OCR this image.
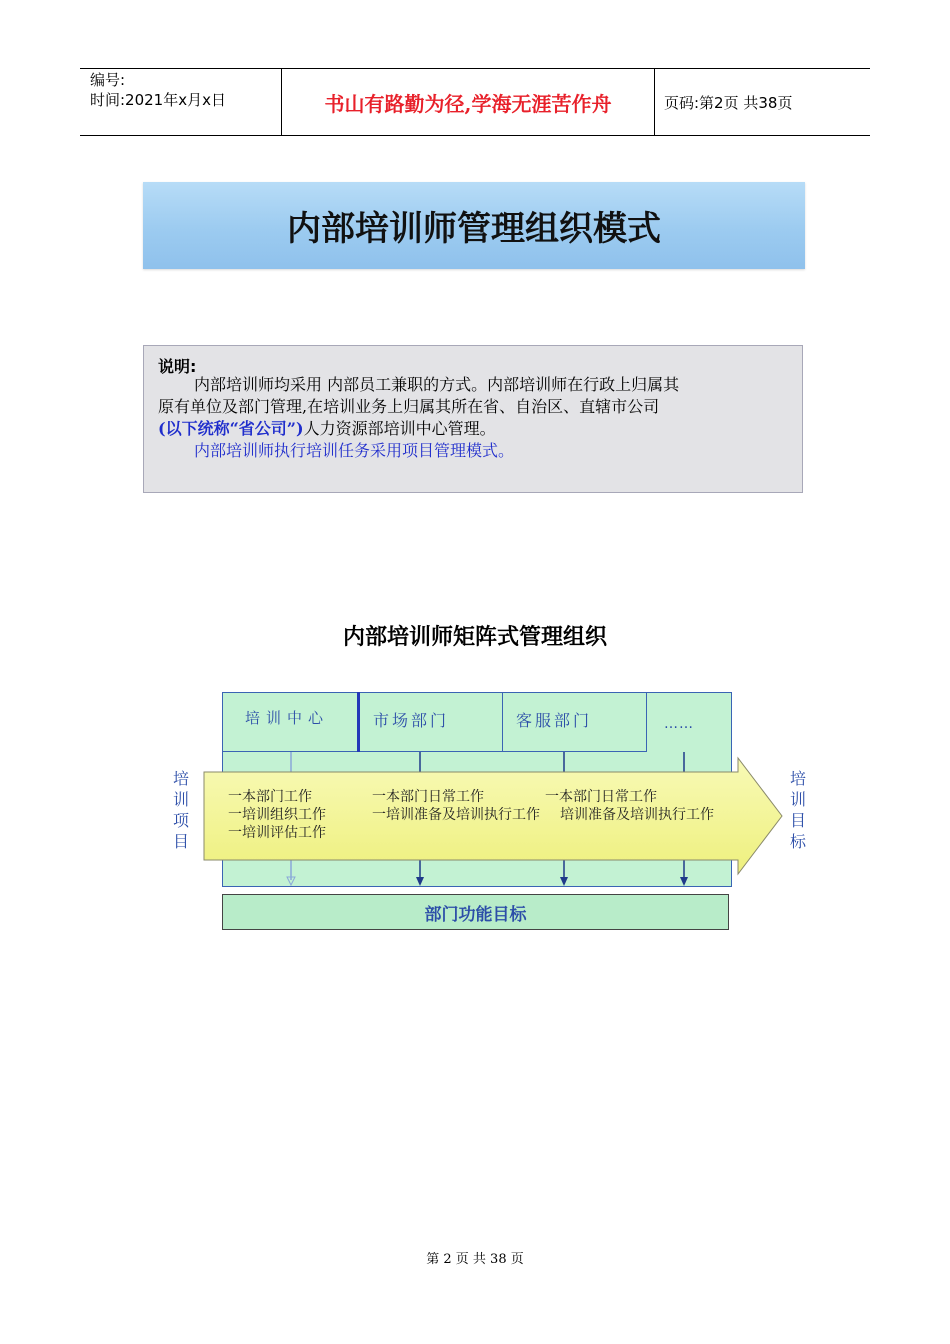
编号:
时间:2021年x月x日	书山有路勤为径,学海无涯苦作舟	页码:第2页 共38页
内部培训师管理组织模式
说明:
内部培训师均采用 内部员工兼职的方式。内部培训师在行政上归属其
原有单位及部门管理,在培训业务上归属其所在省、自治区、直辖市公司
(以下统称“省公司”)人力资源部培训中心管理。
内部培训师执行培训任务采用项目管理模式。
内部培训师矩阵式管理组织
培训中心	市场部门	客服部门	……
一本部门工作
一培训组织工作
一培训评估工作
一本部门日常工作
一培训准备及培训执行工作
一本部门日常工作
培训准备及培训执行工作
培
训
项
目
培
训
目
标
部门功能目标
第 2 页 共 38 页
